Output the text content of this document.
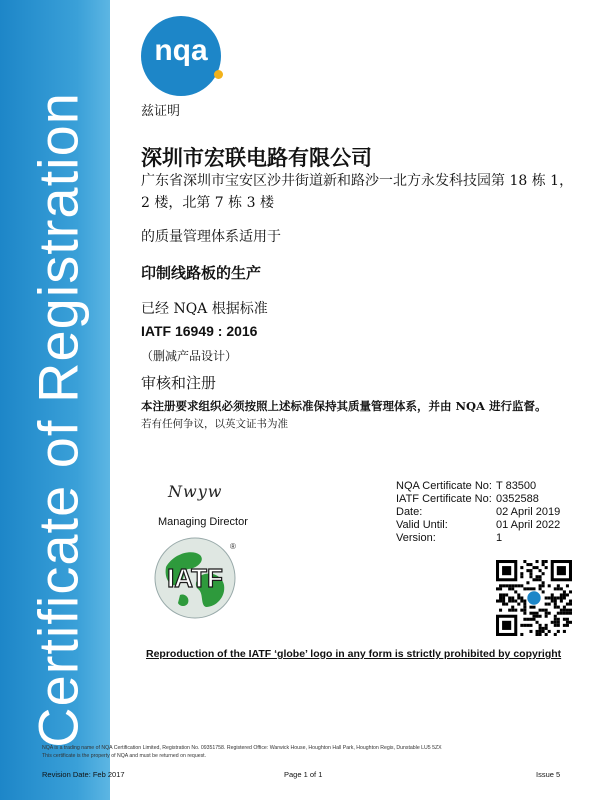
Certificate of Registration
nqa
兹证明
深圳市宏联电路有限公司
广东省深圳市宝安区沙井街道新和路沙一北方永发科技园第 18 栋 1，2 楼，北第 7 栋 3 楼
的质量管理体系适用于
印制线路板的生产
已经 NQA 根据标准
IATF 16949 : 2016
（删减产品设计）
审核和注册
本注册要求组织必须按照上述标准保持其质量管理体系，并由 NQA 进行监督。
若有任何争议，以英文证书为准
Nwyw
Managing Director
IATF
®
NQA Certificate No:	T 83500
IATF Certificate No:	0352588
Date:	02 April 2019
Valid Until:	01 April 2022
Version:	1
Reproduction of the IATF ‘globe’ logo in any form is strictly prohibited by copyright
NQA is a trading name of NQA Certification Limited, Registration No. 09351758. Registered Office: Warwick House, Houghton Hall Park, Houghton Regis, Dunstable LU5 5ZX
This certificate is the property of NQA and must be returned on request.
Revision Date: Feb 2017	Page 1 of 1	Issue 5
